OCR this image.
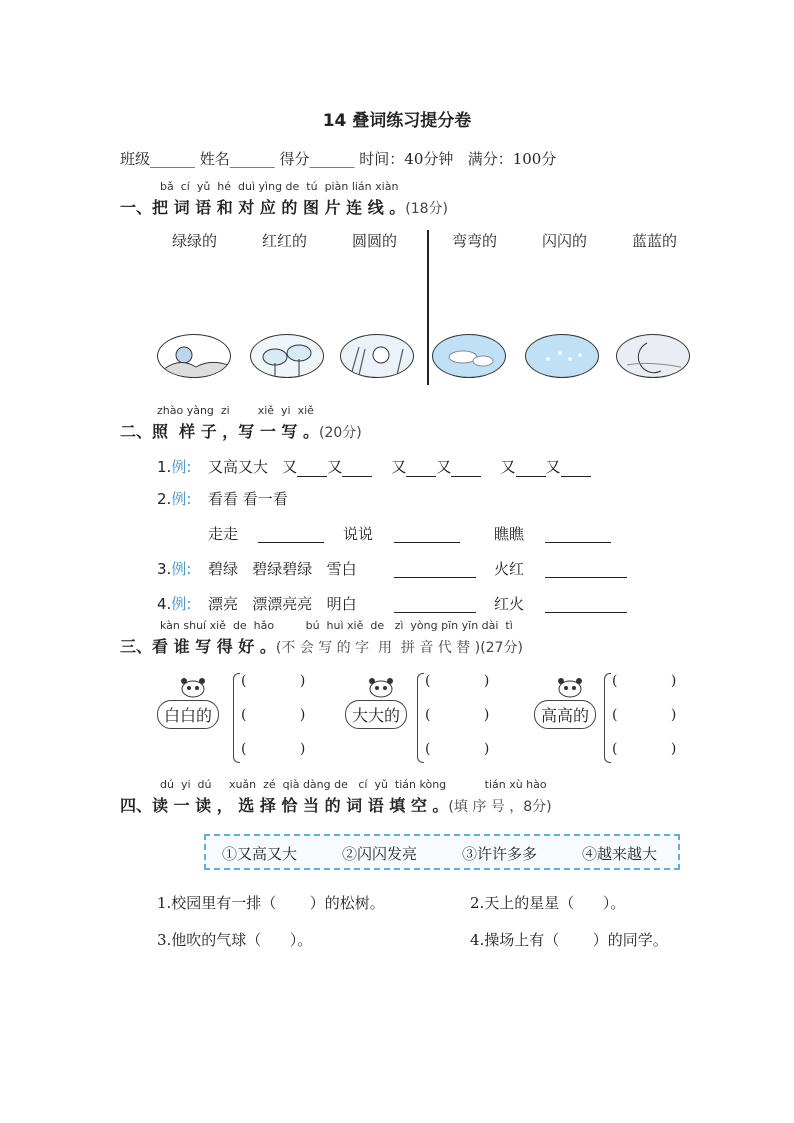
14 叠词练习提分卷
班级______ 姓名______ 得分______ 时间：40分钟   满分：100分
bǎ  cí  yǔ  hé  duì yìng de  tú  piàn lián xiàn
一、把 词 语 和 对 应 的 图 片 连 线 。(18分)
绿绿的	红红的	圆圆的	弯弯的	闪闪的	蓝蓝的
zhào yàng  zi        xiě  yi  xiě
二、照  样 子 ，写 一 写 。(20分)
1.例: 又高又大   又 又    又 又    又 又
2.例: 看看 看一看
走走	说说	瞧瞧
3.例: 碧绿   碧绿碧绿   雪白	火红
4.例: 漂亮   漂漂亮亮   明白	红火
kàn shuí xiě  de  hǎo         bú  huì xiě  de   zì  yòng pīn yīn dài  tì
三、看 谁 写 得 好 。(不 会 写 的 字  用  拼 音 代 替 )(27分)
白白的
(            )
(            )
(            )
大大的
(            )
(            )
(            )
高高的
(            )
(            )
(            )
dú  yi  dú     xuǎn  zé  qià dàng de   cí  yǔ  tián kòng           tián xù hào
四、读 一 读 ， 选 择 恰 当 的 词 语 填 空 。(填 序 号 ，8分)
①又高又大	②闪闪发亮	③许许多多	④越来越大
1.校园里有一排（       ）的松树。	2.天上的星星（      ）。
3.他吹的气球（      ）。	4.操场上有（       ）的同学。
